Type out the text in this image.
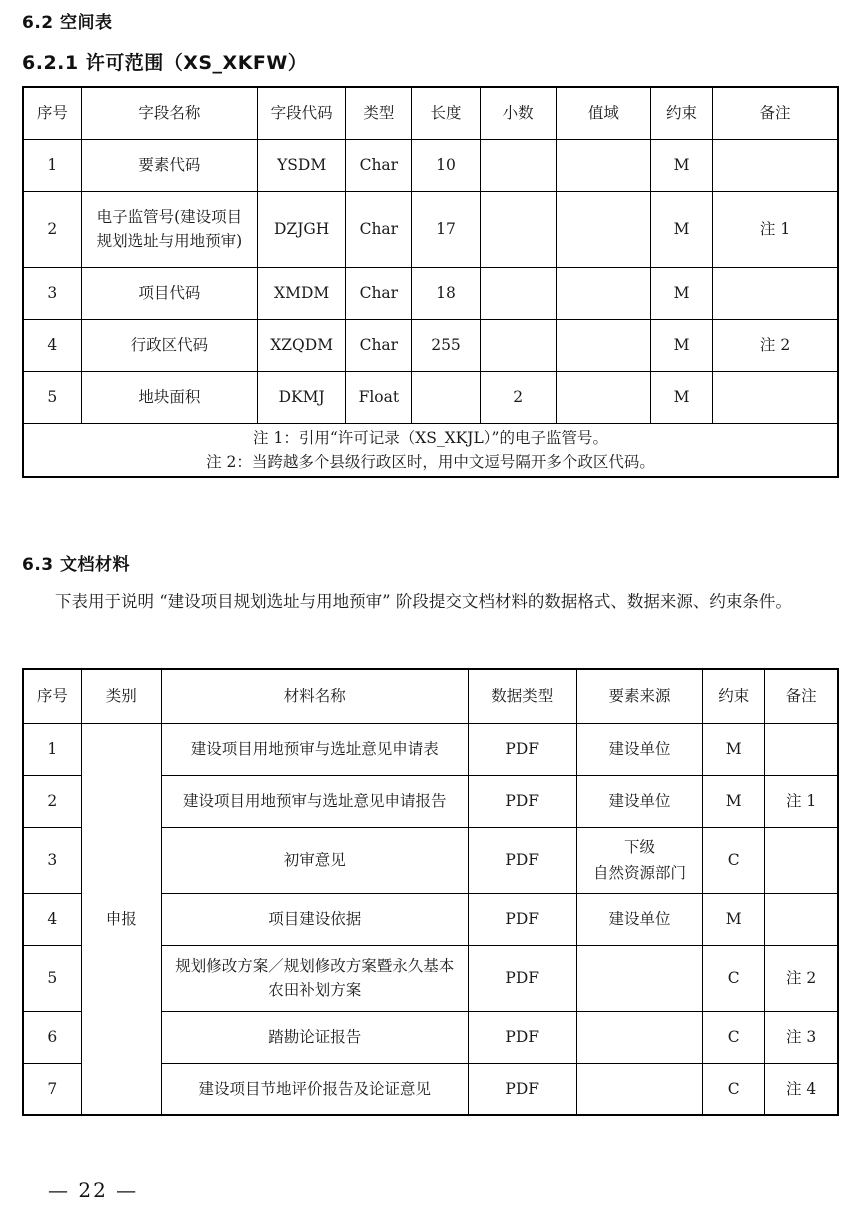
6.2 空间表
6.2.1 许可范围（XS_XKFW）
序号	字段名称	字段代码	类型	长度	小数	值域	约束	备注
1	要素代码	YSDM	Char	10			M	
2	电子监管号(建设项目
规划选址与用地预审)	DZJGH	Char	17			M	注 1
3	项目代码	XMDM	Char	18			M	
4	行政区代码	XZQDM	Char	255			M	注 2
5	地块面积	DKMJ	Float		2		M	

注 1：引用“许可记录（XS_XKJL）”的电子监管号。
注 2：当跨越多个县级行政区时，用中文逗号隔开多个政区代码。								
6.3 文档材料
下表用于说明 “建设项目规划选址与用地预审” 阶段提交文档材料的数据格式、数据来源、约束条件。
序号	类别	材料名称	数据类型	要素来源	约束	备注
1	申报	建设项目用地预审与选址意见申请表	PDF	建设单位	M	
2		建设项目用地预审与选址意见申请报告	PDF	建设单位	M	注 1
3		初审意见	PDF	下级
自然资源部门	C	
4		项目建设依据	PDF	建设单位	M	
5		规划修改方案／规划修改方案暨永久基本
农田补划方案	PDF		C	注 2
6		踏勘论证报告	PDF		C	注 3
7		建设项目节地评价报告及论证意见	PDF		C	注 4
— 22 —
